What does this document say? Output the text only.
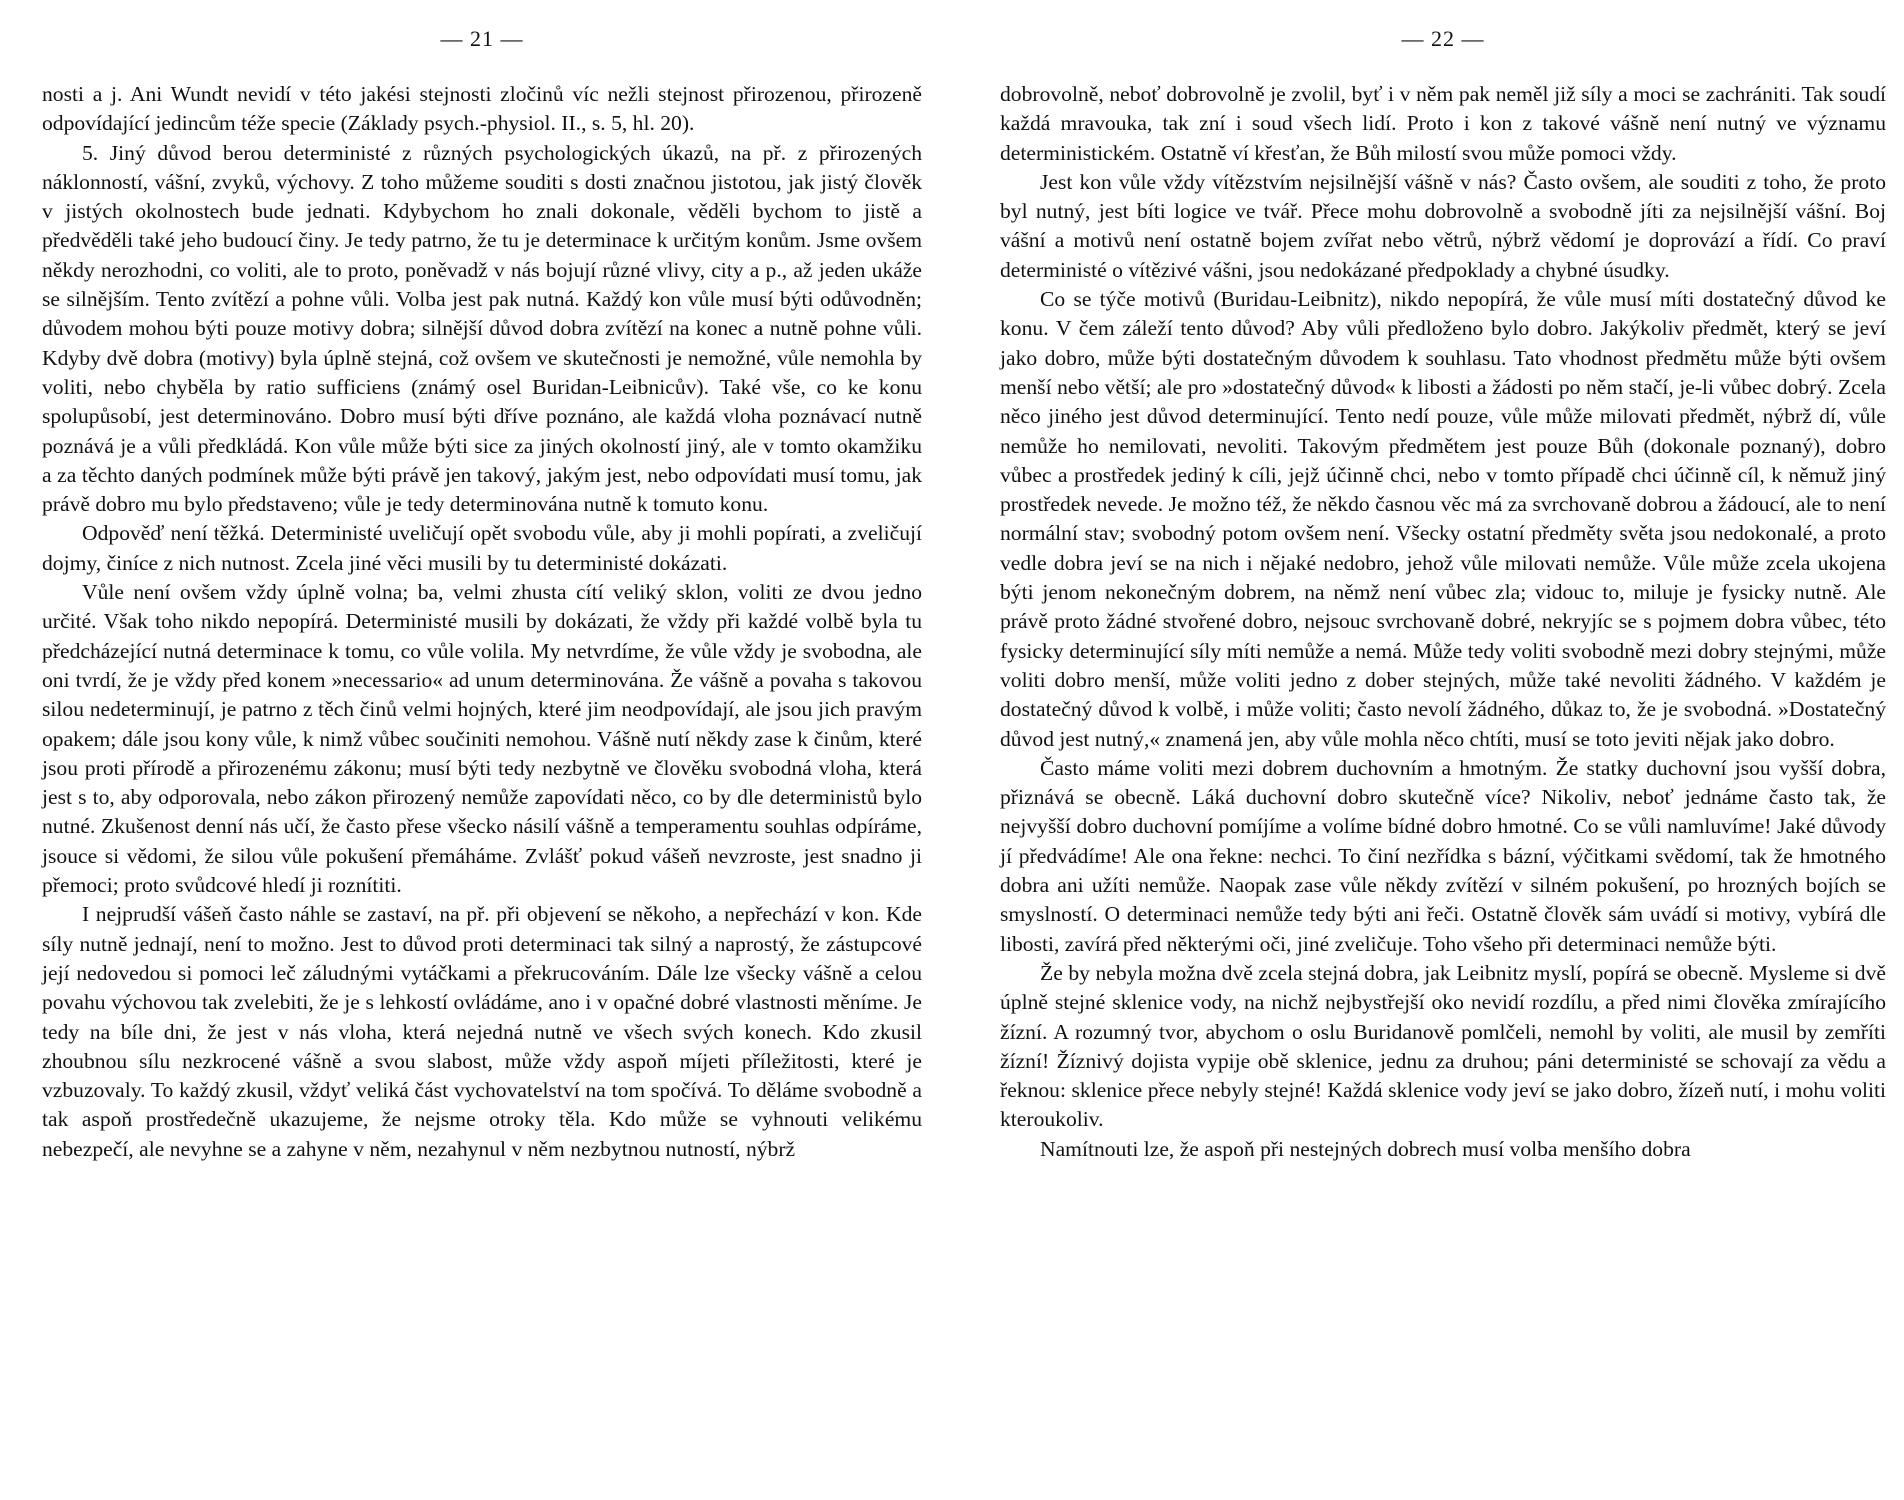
— 21 —

nosti a j. Ani Wundt nevidí v této jakési stejnosti zločinů víc nežli stejnost přirozenou, přirozeně odpovídající jedincům téže specie (Základy psych.-physiol. II., s. 5, hl. 20).

5. Jiný důvod berou deterministé z různých psychologických úkazů, na př. z přirozených náklonností, vášní, zvyků, výchovy. Z toho můžeme souditi s dosti značnou jistotou, jak jistý člověk v jistých okolnostech bude jednati. Kdybychom ho znali dokonale, věděli bychom to jistě a předvěděli také jeho budoucí činy. Je tedy patrno, že tu je determinace k určitým konům. Jsme ovšem někdy nerozhodni, co voliti, ale to proto, poněvadž v nás bojují různé vlivy, city a p., až jeden ukáže se silnějším. Tento zvítězí a pohne vůli. Volba jest pak nutná. Každý kon vůle musí býti odůvodněn; důvodem mohou býti pouze motivy dobra; silnější důvod dobra zvítězí na konec a nutně pohne vůli. Kdyby dvě dobra (motivy) byla úplně stejná, což ovšem ve skutečnosti je nemožné, vůle nemohla by voliti, nebo chyběla by ratio sufficiens (známý osel Buridan-Leibnicův). Také vše, co ke konu spolupůsobí, jest determinováno. Dobro musí býti dříve poznáno, ale každá vloha poznávací nutně poznává je a vůli předkládá. Kon vůle může býti sice za jiných okolností jiný, ale v tomto okamžiku a za těchto daných podmínek může býti právě jen takový, jakým jest, nebo odpovídati musí tomu, jak právě dobro mu bylo představeno; vůle je tedy determinována nutně k tomuto konu.

Odpověď není těžká. Deterministé uveličují opět svobodu vůle, aby ji mohli popírati, a zveličují dojmy, činíce z nich nutnost. Zcela jiné věci musili by tu deterministé dokázati.

Vůle není ovšem vždy úplně volna; ba, velmi zhusta cítí veliký sklon, voliti ze dvou jedno určité. Však toho nikdo nepopírá. Deterministé musili by dokázati, že vždy při každé volbě byla tu předcházející nutná determinace k tomu, co vůle volila. My netvrdíme, že vůle vždy je svobodna, ale oni tvrdí, že je vždy před konem »necessario« ad unum determinována. Že vášně a povaha s takovou silou nedeterminují, je patrno z těch činů velmi hojných, které jim neodpovídají, ale jsou jich pravým opakem; dále jsou kony vůle, k nimž vůbec součiniti nemohou. Vášně nutí někdy zase k činům, které jsou proti přírodě a přirozenému zákonu; musí býti tedy nezbytně ve člověku svobodná vloha, která jest s to, aby odporovala, nebo zákon přirozený nemůže zapovídati něco, co by dle deterministů bylo nutné. Zkušenost denní nás učí, že často přese všecko násilí vášně a temperamentu souhlas odpíráme, jsouce si vědomi, že silou vůle pokušení přemáháme. Zvlášť pokud vášeň nevzroste, jest snadno ji přemoci; proto svůdcové hledí ji roznítiti.

I nejprudší vášeň často náhle se zastaví, na př. při objevení se někoho, a nepřechází v kon. Kde síly nutně jednají, není to možno. Jest to důvod proti determinaci tak silný a naprostý, že zástupcové její nedovedou si pomoci leč záludnými vytáčkami a překrucováním. Dále lze všecky vášně a celou povahu výchovou tak zvelebiti, že je s lehkostí ovládáme, ano i v opačné dobré vlastnosti měníme. Je tedy na bíle dni, že jest v nás vloha, která nejedná nutně ve všech svých konech. Kdo zkusil zhoubnou sílu nezkrocené vášně a svou slabost, může vždy aspoň míjeti příležitosti, které je vzbuzovaly. To každý zkusil, vždyť veliká část vychovatelství na tom spočívá. To děláme svobodně a tak aspoň prostředečně ukazujeme, že nejsme otroky těla. Kdo může se vyhnouti velikému nebezpečí, ale nevyhne se a zahyne v něm, nezahynul v něm nezbytnou nutností, nýbrž

— 22 —

dobrovolně, neboť dobrovolně je zvolil, byť i v něm pak neměl již síly a moci se zachrániti. Tak soudí každá mravouka, tak zní i soud všech lidí. Proto i kon z takové vášně není nutný ve významu deterministickém. Ostatně ví křesťan, že Bůh milostí svou může pomoci vždy.

Jest kon vůle vždy vítězstvím nejsilnější vášně v nás? Často ovšem, ale souditi z toho, že proto byl nutný, jest bíti logice ve tvář. Přece mohu dobrovolně a svobodně jíti za nejsilnější vášní. Boj vášní a motivů není ostatně bojem zvířat nebo větrů, nýbrž vědomí je doprovází a řídí. Co praví deterministé o vítězivé vášni, jsou nedokázané předpoklady a chybné úsudky.

Co se týče motivů (Buridau-Leibnitz), nikdo nepopírá, že vůle musí míti dostatečný důvod ke konu. V čem záleží tento důvod? Aby vůli předloženo bylo dobro. Jakýkoliv předmět, který se jeví jako dobro, může býti dostatečným důvodem k souhlasu. Tato vhodnost předmětu může býti ovšem menší nebo větší; ale pro »dostatečný důvod« k libosti a žádosti po něm stačí, je-li vůbec dobrý. Zcela něco jiného jest důvod determinující. Tento nedí pouze, vůle může milovati předmět, nýbrž dí, vůle nemůže ho nemilovati, nevoliti. Takovým předmětem jest pouze Bůh (dokonale poznaný), dobro vůbec a prostředek jediný k cíli, jejž účinně chci, nebo v tomto případě chci účinně cíl, k němuž jiný prostředek nevede. Je možno též, že někdo časnou věc má za svrchovaně dobrou a žádoucí, ale to není normální stav; svobodný potom ovšem není. Všecky ostatní předměty světa jsou nedokonalé, a proto vedle dobra jeví se na nich i nějaké nedobro, jehož vůle milovati nemůže. Vůle může zcela ukojena býti jenom nekonečným dobrem, na němž není vůbec zla; vidouc to, miluje je fysicky nutně. Ale právě proto žádné stvořené dobro, nejsouc svrchovaně dobré, nekryjíc se s pojmem dobra vůbec, této fysicky determinující síly míti nemůže a nemá. Může tedy voliti svobodně mezi dobry stejnými, může voliti dobro menší, může voliti jedno z dober stejných, může také nevoliti žádného. V každém je dostatečný důvod k volbě, i může voliti; často nevolí žádného, důkaz to, že je svobodná. »Dostatečný důvod jest nutný,« znamená jen, aby vůle mohla něco chtíti, musí se toto jeviti nějak jako dobro.

Často máme voliti mezi dobrem duchovním a hmotným. Že statky duchovní jsou vyšší dobra, přiznává se obecně. Láká duchovní dobro skutečně více? Nikoliv, neboť jednáme často tak, že nejvyšší dobro duchovní pomíjíme a volíme bídné dobro hmotné. Co se vůli namluvíme! Jaké důvody jí předvádíme! Ale ona řekne: nechci. To činí nezřídka s bázní, výčitkami svědomí, tak že hmotného dobra ani užíti nemůže. Naopak zase vůle někdy zvítězí v silném pokušení, po hrozných bojích se smyslností. O determinaci nemůže tedy býti ani řeči. Ostatně člověk sám uvádí si motivy, vybírá dle libosti, zavírá před některými oči, jiné zveličuje. Toho všeho při determinaci nemůže býti.

Že by nebyla možna dvě zcela stejná dobra, jak Leibnitz myslí, popírá se obecně. Mysleme si dvě úplně stejné sklenice vody, na nichž nejbystřejší oko nevidí rozdílu, a před nimi člověka zmírajícího žízní. A rozumný tvor, abychom o oslu Buridanově pomlčeli, nemohl by voliti, ale musil by zemříti žízní! Žíznivý dojista vypije obě sklenice, jednu za druhou; páni deterministé se schovají za vědu a řeknou: sklenice přece nebyly stejné! Každá sklenice vody jeví se jako dobro, žízeň nutí, i mohu voliti kteroukoliv.

Namítnouti lze, že aspoň při nestejných dobrech musí volba menšího dobra
